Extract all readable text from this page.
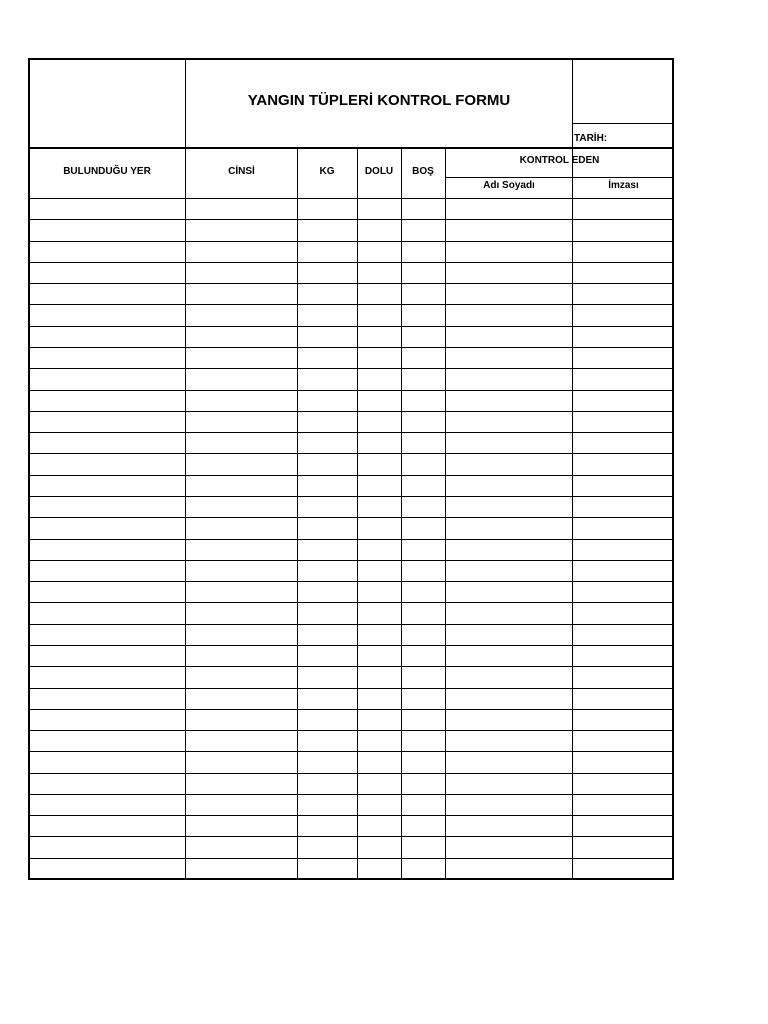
YANGIN TÜPLERİ KONTROL FORMU
TARİH:
BULUNDUĞU YER	CİNSİ	KG	DOLU	BOŞ
KONTROL EDEN
Adı Soyadı	İmzası
